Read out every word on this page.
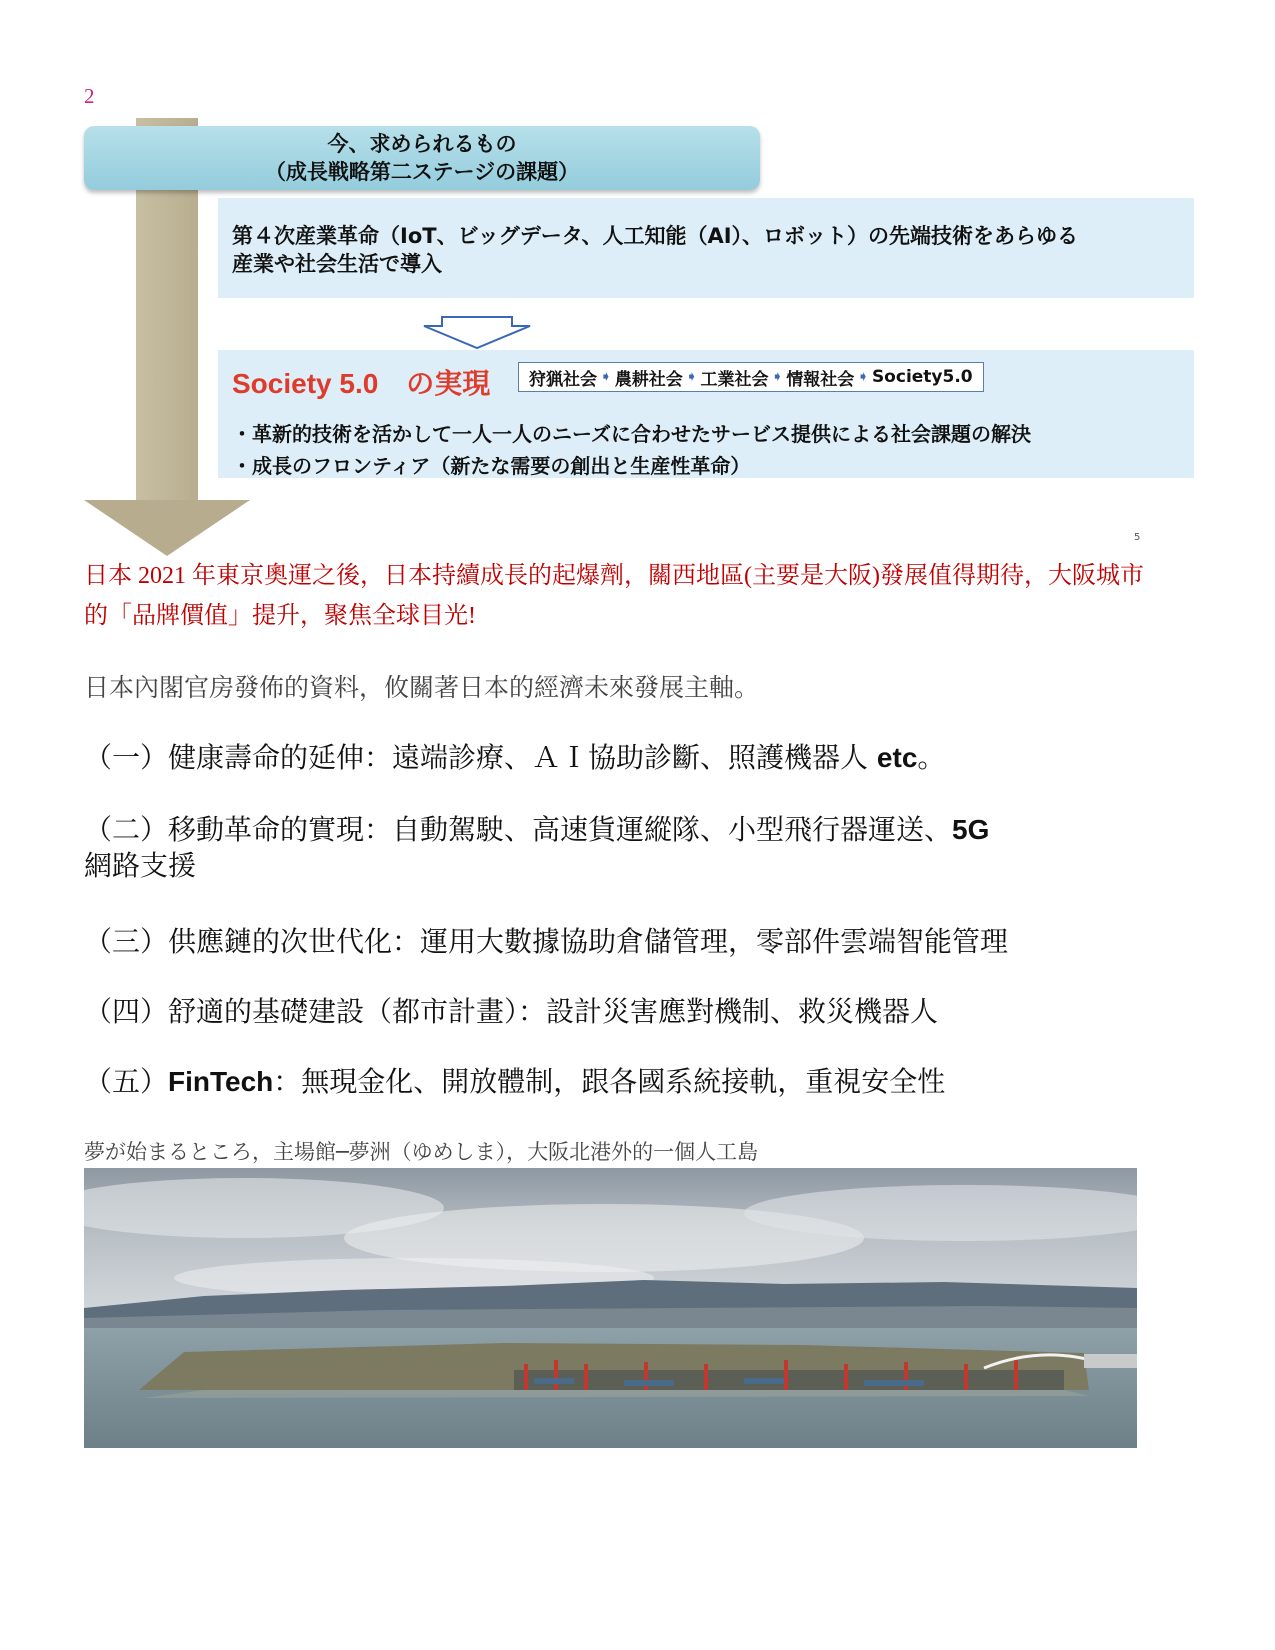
2
今、求められるもの
（成長戦略第二ステージの課題）
第４次産業革命（IoT、ビッグデータ、人工知能（AI）、ロボット）の先端技術をあらゆる
産業や社会生活で導入
Society 5.0　の実現 狩猟社会 ➧ 農耕社会 ➧ 工業社会 ➧ 情報社会 ➧ Society5.0
・革新的技術を活かして一人一人のニーズに合わせたサービス提供による社会課題の解決
・成長のフロンティア（新たな需要の創出と生産性革命）
5
日本 2021 年東京奧運之後，日本持續成長的起爆劑，關西地區(主要是大阪)發展值得期待，大阪城市的「品牌價值」提升，聚焦全球目光!
日本內閣官房發佈的資料，攸關著日本的經濟未來發展主軸。
（一）健康壽命的延伸：遠端診療、ＡＩ協助診斷、照護機器人 etc。
（二）移動革命的實現：自動駕駛、高速貨運縱隊、小型飛行器運送、5G
網路支援
（三）供應鏈的次世代化：運用大數據協助倉儲管理，零部件雲端智能管理
（四）舒適的基礎建設（都市計畫）：設計災害應對機制、救災機器人
（五）FinTech：無現金化、開放體制，跟各國系統接軌，重視安全性
夢が始まるところ，主場館─夢洲（ゆめしま），大阪北港外的一個人工島
